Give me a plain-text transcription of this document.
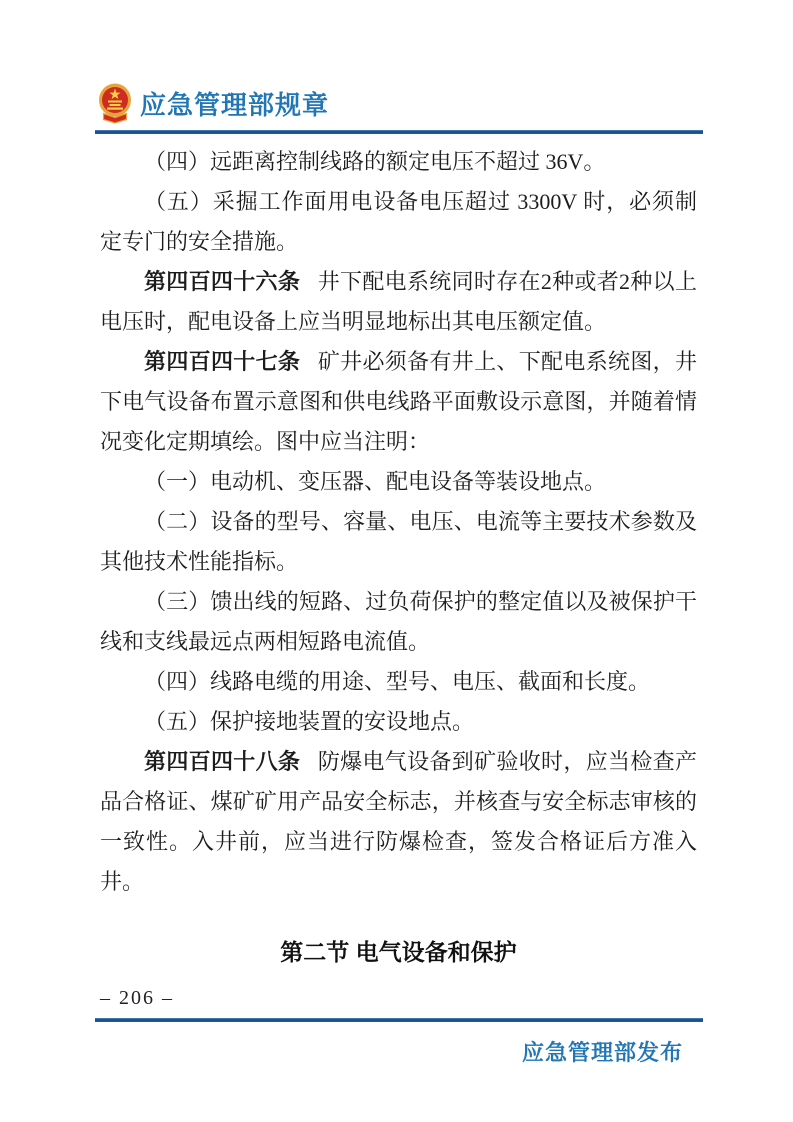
应急管理部规章

（四）远距离控制线路的额定电压不超过 36V。

（五）采掘工作面用电设备电压超过 3300V 时，必须制定专门的安全措施。

第四百四十六条 井下配电系统同时存在2种或者2种以上电压时，配电设备上应当明显地标出其电压额定值。

第四百四十七条 矿井必须备有井上、下配电系统图，井下电气设备布置示意图和供电线路平面敷设示意图，并随着情况变化定期填绘。图中应当注明：

（一）电动机、变压器、配电设备等装设地点。

（二）设备的型号、容量、电压、电流等主要技术参数及其他技术性能指标。

（三）馈出线的短路、过负荷保护的整定值以及被保护干线和支线最远点两相短路电流值。

（四）线路电缆的用途、型号、电压、截面和长度。

（五）保护接地装置的安设地点。

第四百四十八条 防爆电气设备到矿验收时，应当检查产品合格证、煤矿矿用产品安全标志，并核查与安全标志审核的一致性。入井前，应当进行防爆检查，签发合格证后方准入井。

第二节 电气设备和保护
– 206 –
应急管理部发布
